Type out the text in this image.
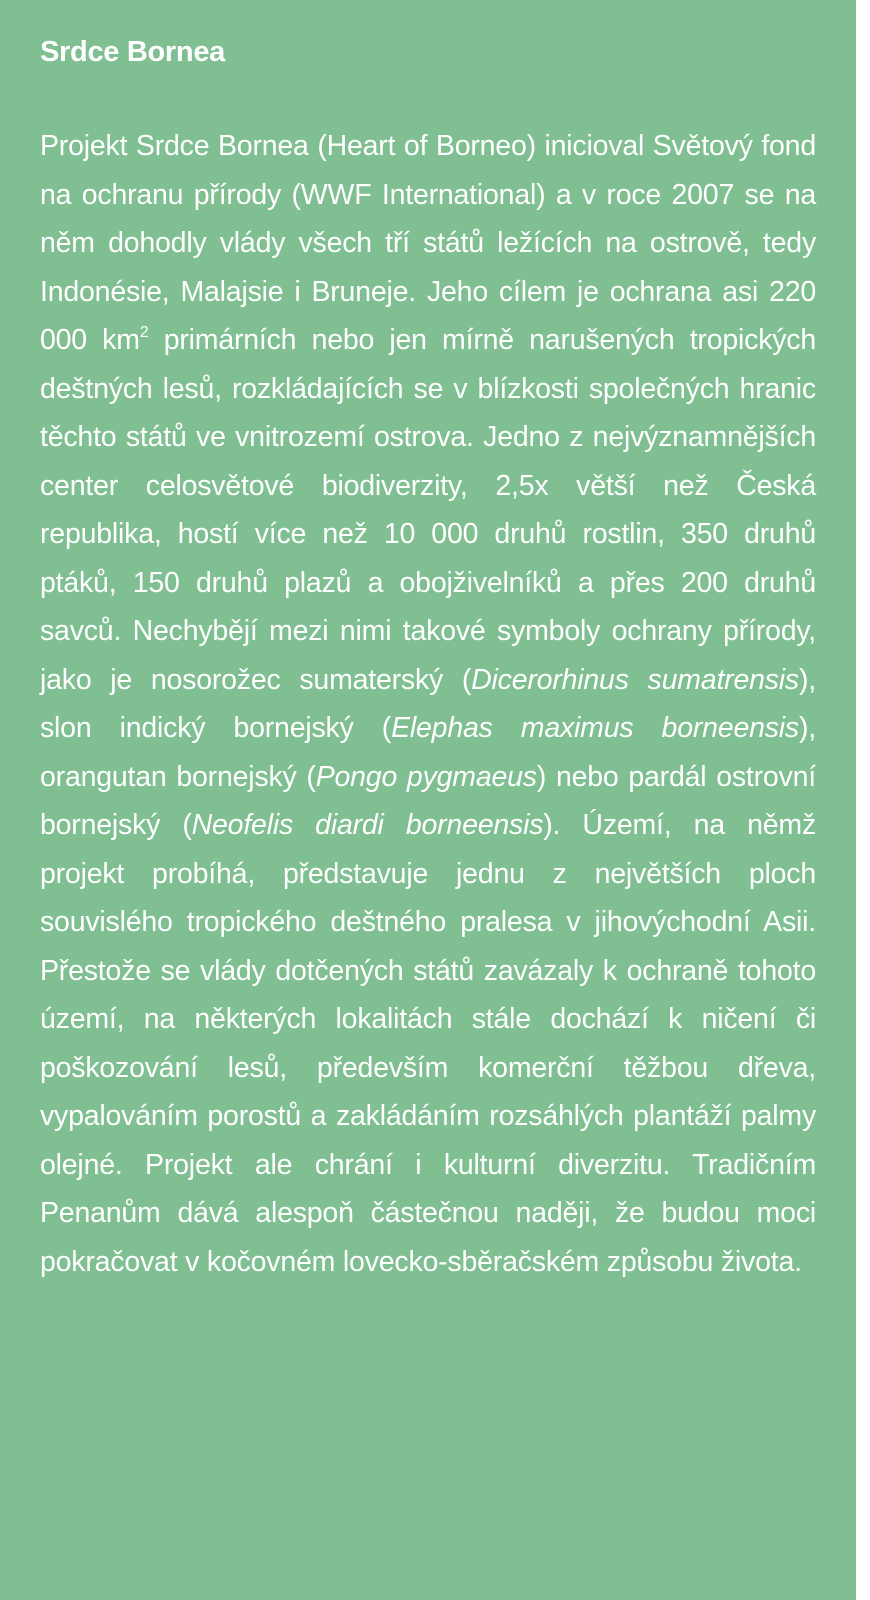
Srdce Bornea

Projekt Srdce Bornea (Heart of Borneo) inicioval Světový fond na ochranu přírody (WWF International) a v roce 2007 se na něm dohodly vlády všech tří států ležících na ostrově, tedy Indonésie, Malajsie i Bruneje. Jeho cílem je ochrana asi 220 000 $km^2$ primárních nebo jen mírně narušených tropických deštných lesů, rozkládajících se v blízkosti společných hranic těchto států ve vnitrozemí ostrova. Jedno z nejvýznamnějších center celosvětové biodiverzity, 2,5x větší než Česká republika, hostí více než 10 000 druhů rostlin, 350 druhů ptáků, 150 druhů plazů a obojživelníků a přes 200 druhů savců. Nechybějí mezi nimi takové symboly ochrany přírody, jako je nosorožec sumaterský (Dicerorhinus sumatrensis), slon indický bornejský (Elephas maximus borneensis), orangutan bornejský (Pongo pygmaeus) nebo pardál ostrovní bornejský (Neofelis diardi borneensis). Území, na němž projekt probíhá, představuje jednu z největších ploch souvislého tropického deštného pralesa v jihovýchodní Asii. Přestože se vlády dotčených států zavázaly k ochraně tohoto území, na některých lokalitách stále dochází k ničení či poškozování lesů, především komerční těžbou dřeva, vypalováním porostů a zakládáním rozsáhlých plantáží palmy olejné. Projekt ale chrání i kulturní diverzitu. Tradičním Penanům dává alespoň částečnou naději, že budou moci pokračovat v kočovném lovecko-sběračském způsobu života.
